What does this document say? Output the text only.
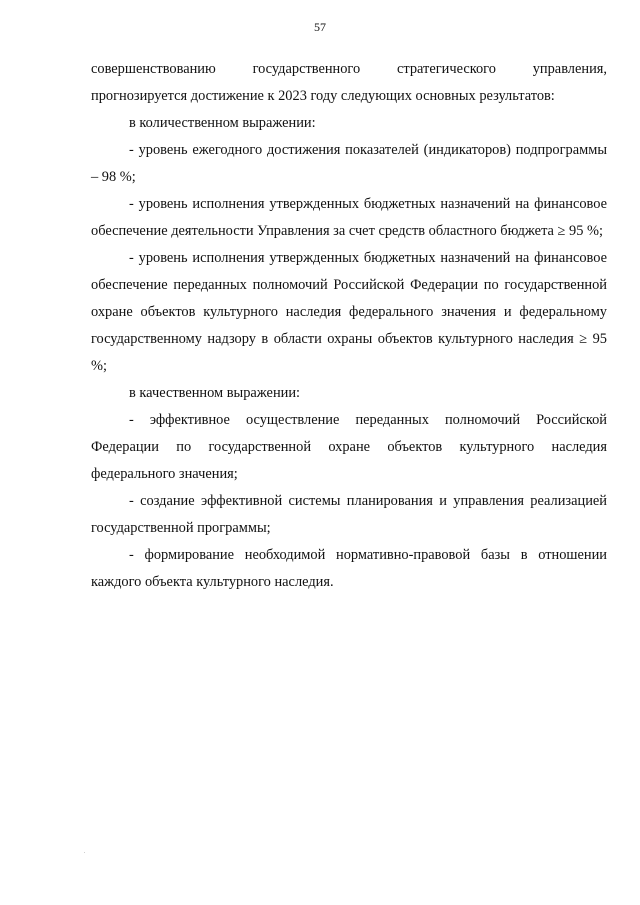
57

совершенствованию государственного стратегического управления, прогнозируется достижение к 2023 году следующих основных результатов:

в количественном выражении:

- уровень ежегодного достижения показателей (индикаторов) подпрограммы – 98 %;

- уровень исполнения утвержденных бюджетных назначений на финансовое обеспечение деятельности Управления за счет средств областного бюджета ≥ 95 %;

- уровень исполнения утвержденных бюджетных назначений на финансовое обеспечение переданных полномочий Российской Федерации по государственной охране объектов культурного наследия федерального значения и федеральному государственному надзору в области охраны объектов культурного наследия ≥ 95 %;

в качественном выражении:

- эффективное осуществление переданных полномочий Российской Федерации по государственной охране объектов культурного наследия федерального значения;

- создание эффективной системы планирования и управления реализацией государственной программы;

- формирование необходимой нормативно-правовой базы в отношении каждого объекта культурного наследия.
